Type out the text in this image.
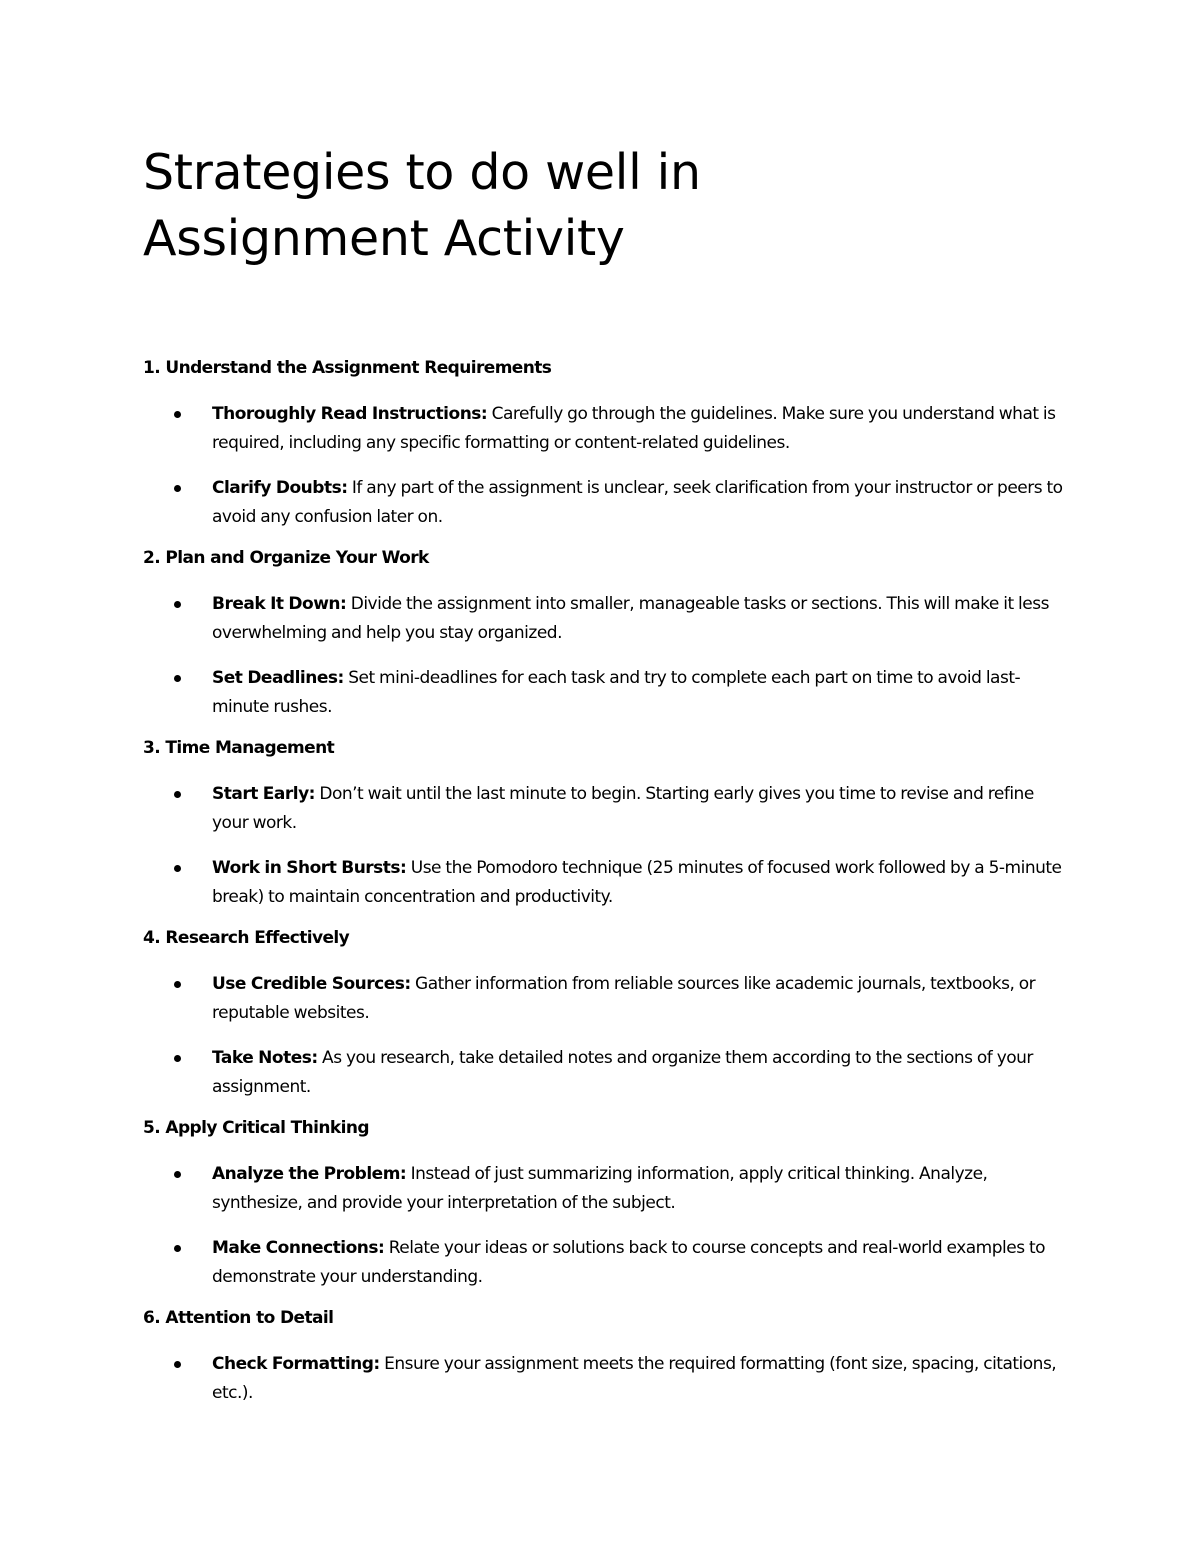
Strategies to do well in
Assignment Activity

1. Understand the Assignment Requirements

Thoroughly Read Instructions: Carefully go through the guidelines. Make sure you understand what is required, including any specific formatting or content-related guidelines.
Clarify Doubts: If any part of the assignment is unclear, seek clarification from your instructor or peers to avoid any confusion later on.

2. Plan and Organize Your Work

Break It Down: Divide the assignment into smaller, manageable tasks or sections. This will make it less overwhelming and help you stay organized.
Set Deadlines: Set mini-deadlines for each task and try to complete each part on time to avoid last-minute rushes.

3. Time Management

Start Early: Don’t wait until the last minute to begin. Starting early gives you time to revise and refine your work.
Work in Short Bursts: Use the Pomodoro technique (25 minutes of focused work followed by a 5-minute break) to maintain concentration and productivity.

4. Research Effectively

Use Credible Sources: Gather information from reliable sources like academic journals, textbooks, or reputable websites.
Take Notes: As you research, take detailed notes and organize them according to the sections of your assignment.

5. Apply Critical Thinking

Analyze the Problem: Instead of just summarizing information, apply critical thinking. Analyze, synthesize, and provide your interpretation of the subject.
Make Connections: Relate your ideas or solutions back to course concepts and real-world examples to demonstrate your understanding.

6. Attention to Detail

Check Formatting: Ensure your assignment meets the required formatting (font size, spacing, citations, etc.).
